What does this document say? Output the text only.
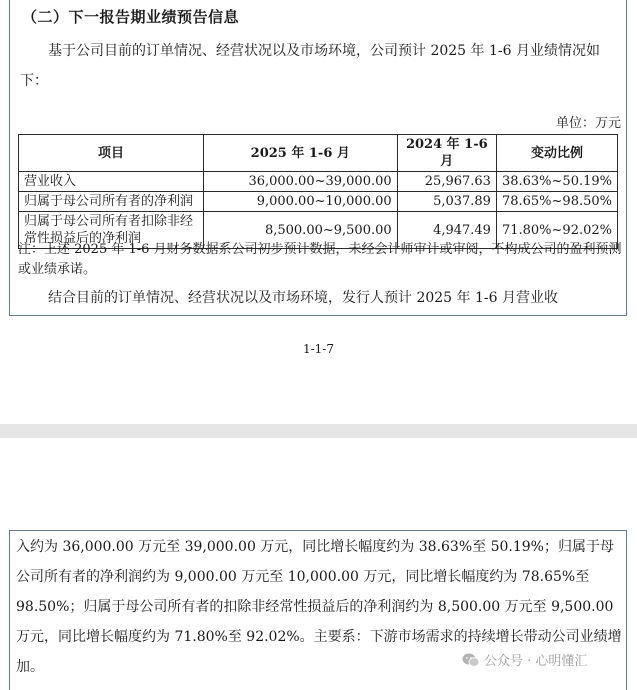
（二）下一报告期业绩预告信息
基于公司目前的订单情况、经营状况以及市场环境，公司预计 2025 年 1-6 月业绩情况如下：
单位：万元
项目	2025 年 1-6 月	2024 年 1-6 月	变动比例
营业收入	36,000.00~39,000.00	25,967.63	38.63%~50.19%
归属于母公司所有者的净利润	9,000.00~10,000.00	5,037.89	78.65%~98.50%
归属于母公司所有者扣除非经常性损益后的净利润	8,500.00~9,500.00	4,947.49	71.80%~92.02%
注：上述 2025 年 1-6 月财务数据系公司初步预计数据，未经会计师审计或审阅，不构成公司的盈利预测或业绩承诺。
结合目前的订单情况、经营状况以及市场环境，发行人预计 2025 年 1-6 月营业收
1-1-7
入约为 36,000.00 万元至 39,000.00 万元，同比增长幅度约为 38.63%至 50.19%；归属于母公司所有者的净利润约为 9,000.00 万元至 10,000.00 万元，同比增长幅度约为 78.65%至 98.50%；归属于母公司所有者的扣除非经常性损益后的净利润约为 8,500.00 万元至 9,500.00 万元，同比增长幅度约为 71.80%至 92.02%。主要系：下游市场需求的持续增长带动公司业绩增加。	公众号 · 心明懂汇
